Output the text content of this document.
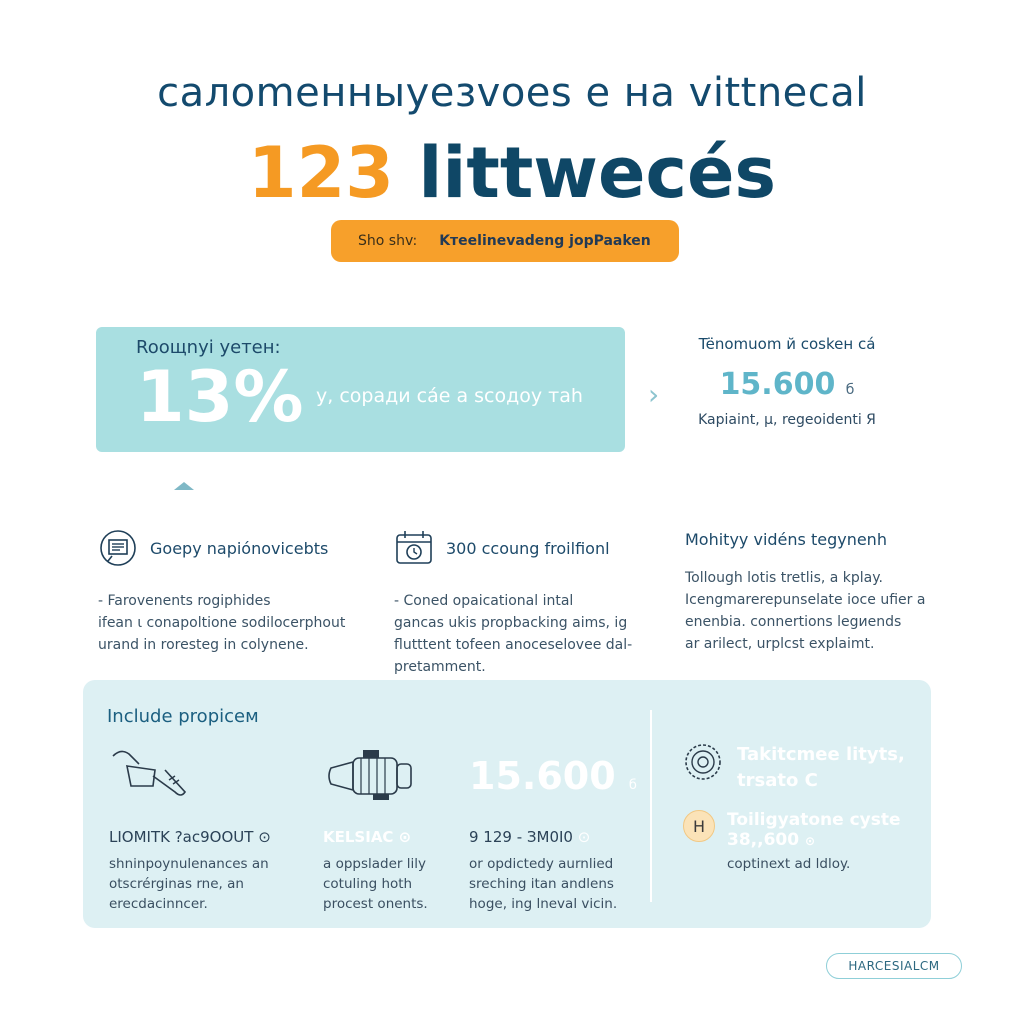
caлomeнныyeɜvoes e на vittnecal
123 littwecés
Sho shv: Kтeelinevadeng jopPaaken
Rooщnyi yeтeн:
13% y, copaди cáe a scoдoy тah ›
Tënomuom й coskeн cá
15.600 б
Kapiaint, µ, regeoidenti Я
Goepy napiónovicebts
- Farovenents rogiphides
ifean ι conapoltione sodilocerphout
urand in rorestеg in colynene.
300 ccoung froilfionl
- Coned opaicational intal
gancas ukis propbacking aims, ig
flutttent tofeen anoceselovee dal-
pretamment.
Mohityy vidéns tegynenh
Tollough lotis tretlis, a kplay.
Icengmarerepunselate ioce ufier a
enenbia. connertions legиends
ar arilect, urplcst explaimt.
Include propicем
LIOMITK ?ac9OOUT ⊙
shninpoynulenances an
otscrérginas rne, an
erecdacinncer.
KELSIAC ⊙
a oppslader lily
cotuling hoth
procest onents.
15.600 б
9 129 - ЗМ0I0 ⊙
or opdictedy aurnlied
sreching itan andlens
hoge, ing lneval vicin.
Takitcmee lityts,
trsato C
H	Toiligyatone cyste
38,,600 ⊙
coptinext ad ldlоy.
HARCESIALCM
